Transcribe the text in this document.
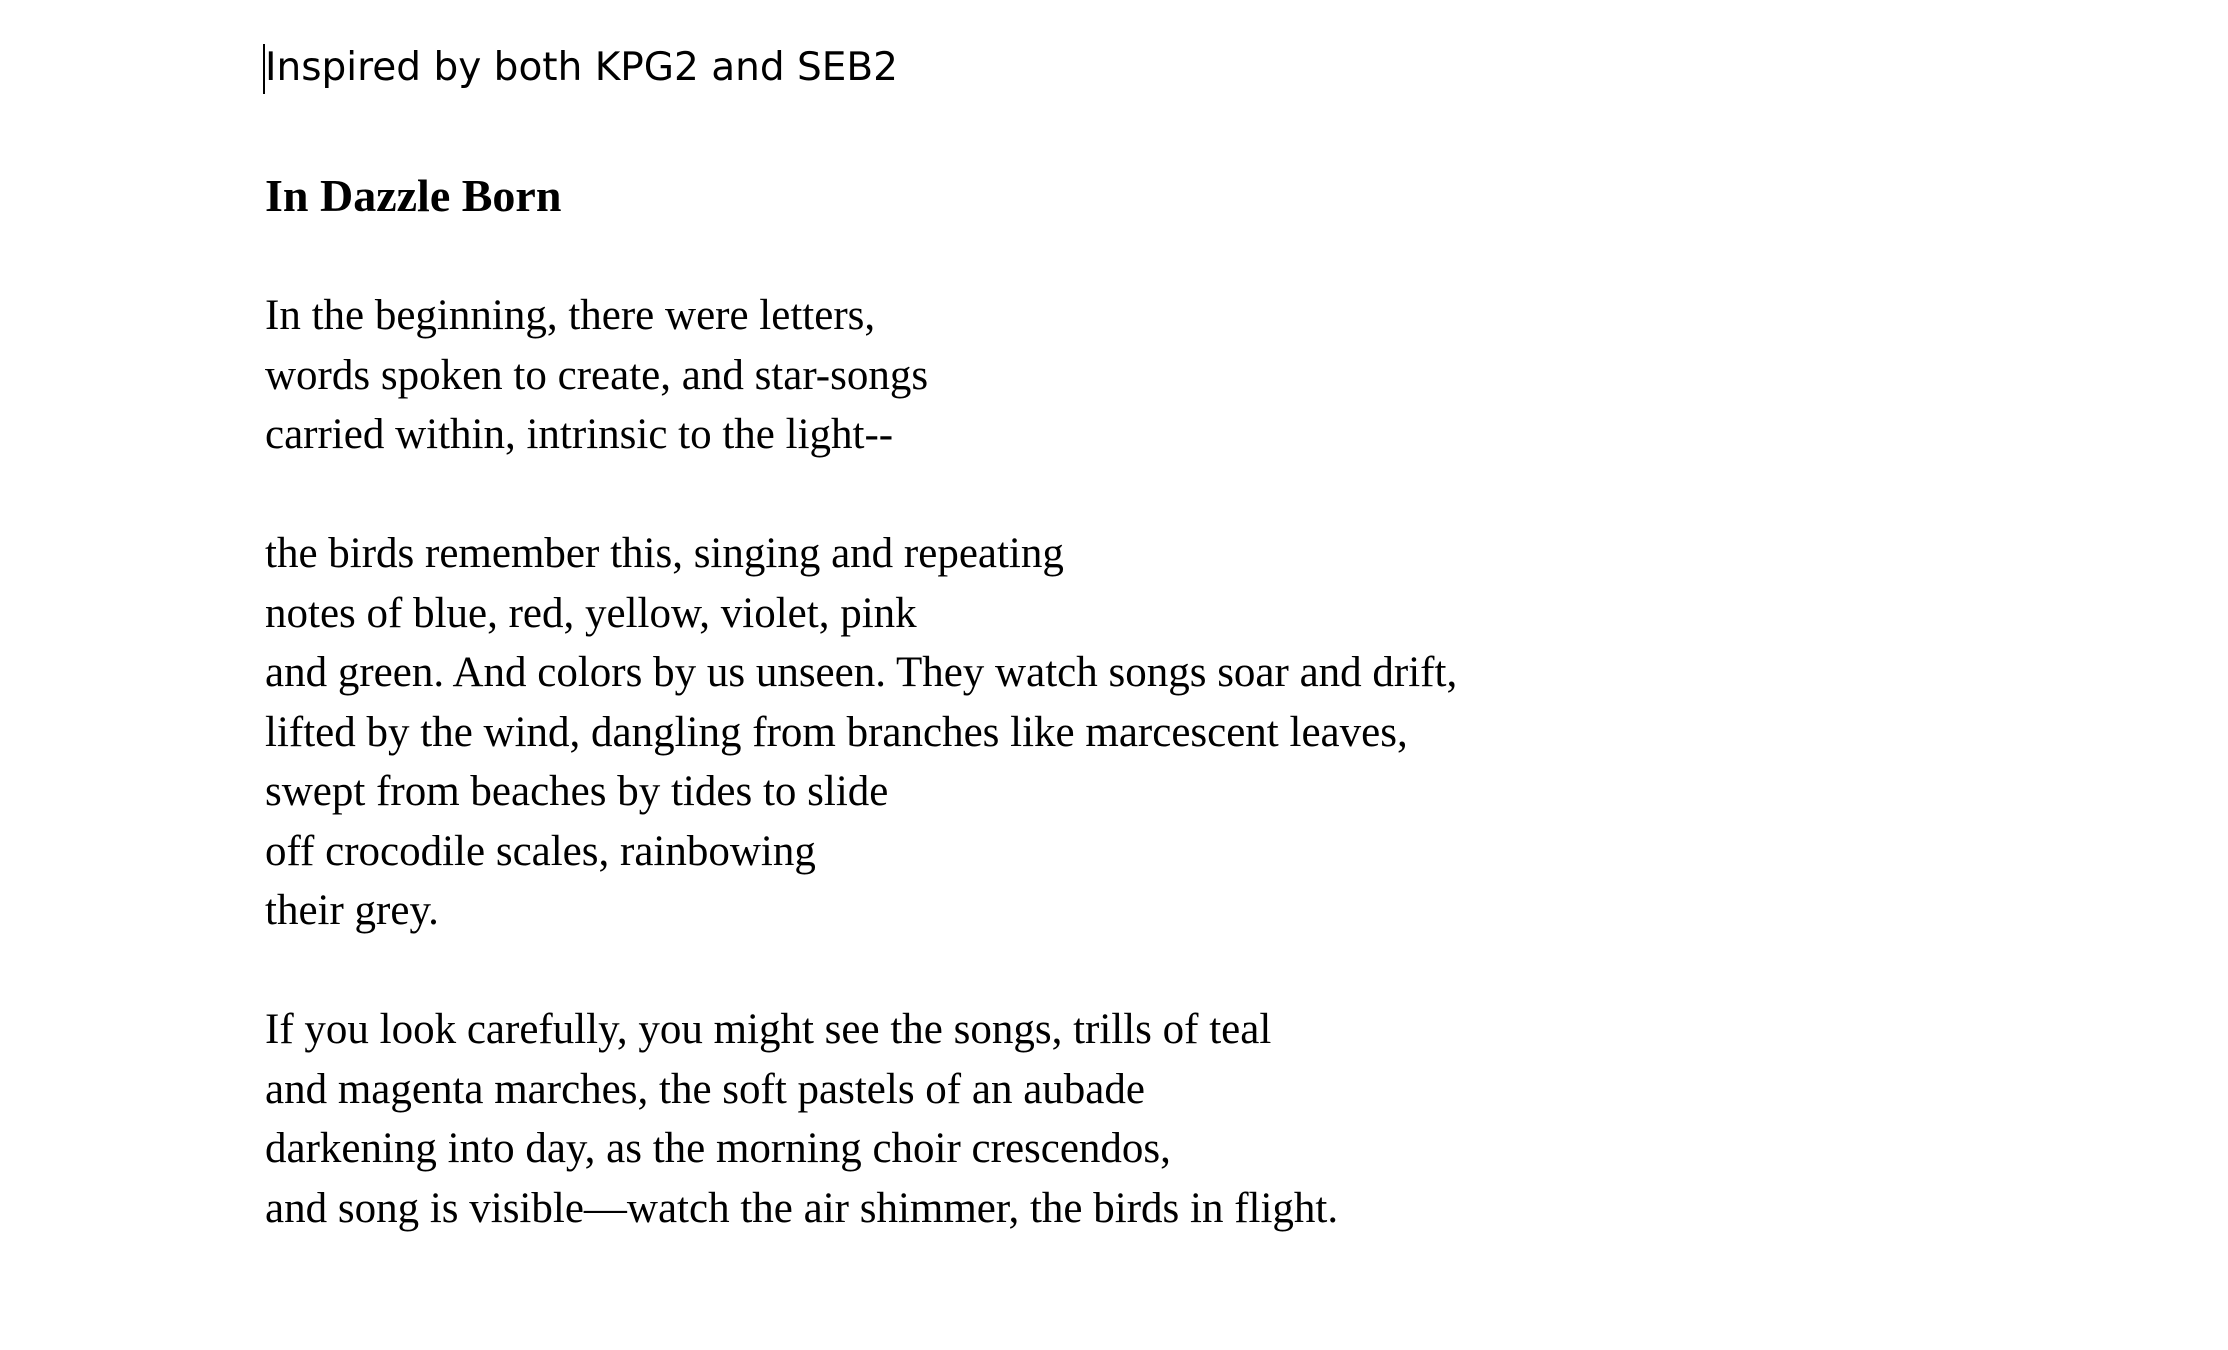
Inspired by both KPG2 and SEB2
In Dazzle Born
In the beginning, there were letters,
words spoken to create, and star-songs
carried within, intrinsic to the light--
the birds remember this, singing and repeating
notes of blue, red, yellow, violet, pink
and green. And colors by us unseen. They watch songs soar and drift,
lifted by the wind, dangling from branches like marcescent leaves,
swept from beaches by tides to slide
off crocodile scales, rainbowing
their grey.
If you look carefully, you might see the songs, trills of teal
and magenta marches, the soft pastels of an aubade
darkening into day, as the morning choir crescendos,
and song is visible—watch the air shimmer, the birds in flight.
